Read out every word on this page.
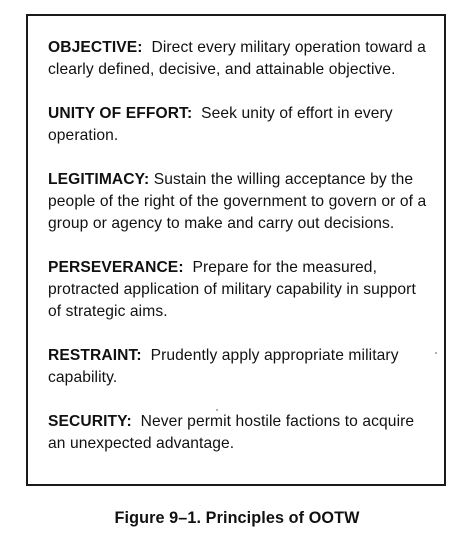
OBJECTIVE: Direct every military operation toward a clearly defined, decisive, and attainable objective.

UNITY OF EFFORT: Seek unity of effort in every operation.

LEGITIMACY: Sustain the willing acceptance by the people of the right of the government to govern or of a group or agency to make and carry out decisions.

PERSEVERANCE: Prepare for the measured, protracted application of military capability in support of strategic aims.

RESTRAINT: Prudently apply appropriate military capability.

SECURITY: Never permit hostile factions to acquire an unexpected advantage.

Figure 9–1. Principles of OOTW
